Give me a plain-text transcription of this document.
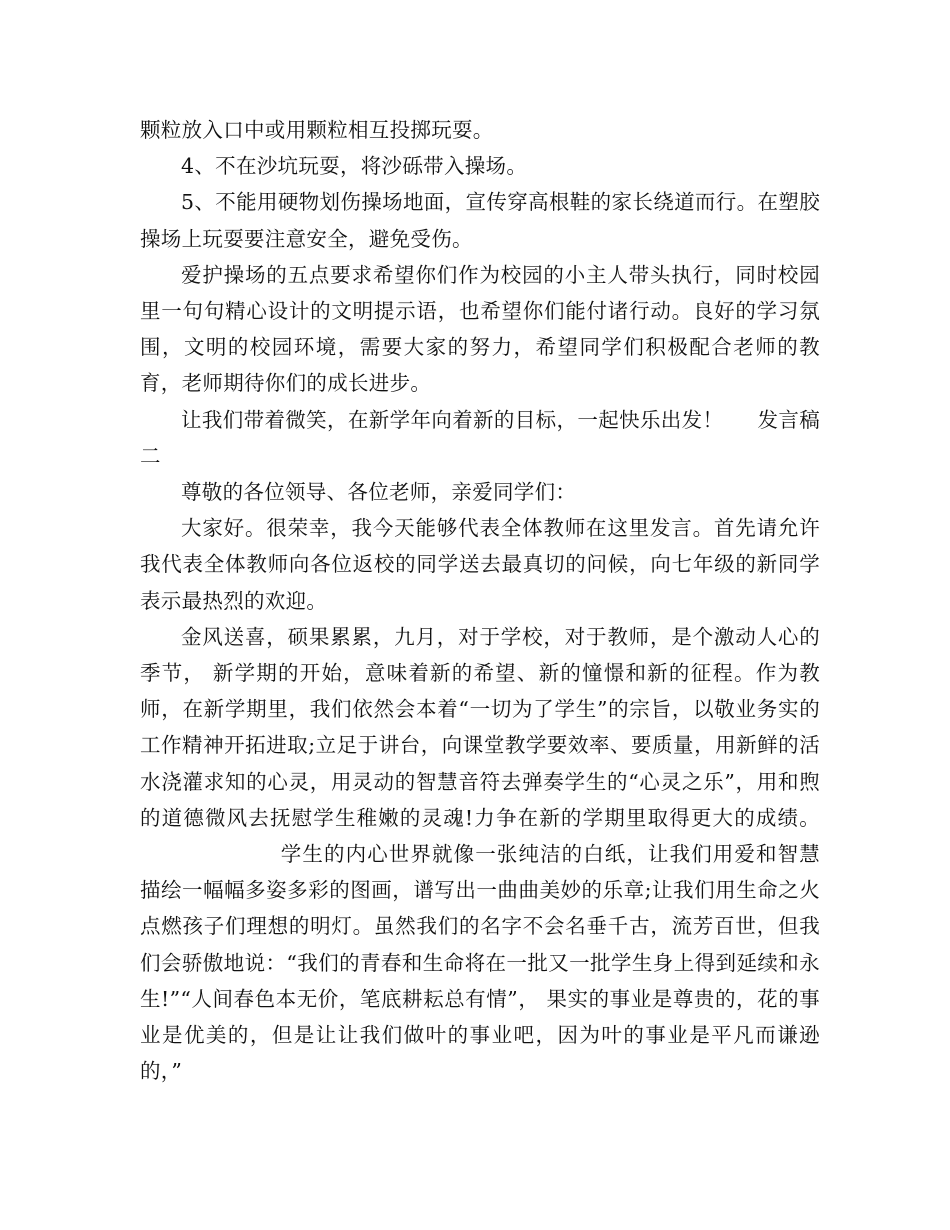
颗粒放入口中或用颗粒相互投掷玩耍。

4、不在沙坑玩耍，将沙砾带入操场。

5、不能用硬物划伤操场地面，宣传穿高根鞋的家长绕道而行。在塑胶操场上玩耍要注意安全，避免受伤。

爱护操场的五点要求希望你们作为校园的小主人带头执行，同时校园里一句句精心设计的文明提示语，也希望你们能付诸行动。良好的学习氛围，文明的校园环境，需要大家的努力，希望同学们积极配合老师的教育，老师期待你们的成长进步。

让我们带着微笑，在新学年向着新的目标，一起快乐出发！ 发言稿二

尊敬的各位领导、各位老师，亲爱同学们：

大家好。很荣幸，我今天能够代表全体教师在这里发言。首先请允许我代表全体教师向各位返校的同学送去最真切的问候，向七年级的新同学表示最热烈的欢迎。

金风送喜，硕果累累，九月，对于学校，对于教师，是个激动人心的季节， 新学期的开始，意味着新的希望、新的憧憬和新的征程。作为教师，在新学期里，我们依然会本着“一切为了学生”的宗旨，以敬业务实的工作精神开拓进取;立足于讲台，向课堂教学要效率、要质量，用新鲜的活水浇灌求知的心灵，用灵动的智慧音符去弹奏学生的“心灵之乐”，用和煦的道德微风去抚慰学生稚嫩的灵魂!力争在新的学期里取得更大的成绩。学生的内心世界就像一张纯洁的白纸，让我们用爱和智慧描绘一幅幅多姿多彩的图画，谱写出一曲曲美妙的乐章;让我们用生命之火点燃孩子们理想的明灯。虽然我们的名字不会名垂千古，流芳百世，但我们会骄傲地说：“我们的青春和生命将在一批又一批学生身上得到延续和永生!”“人间春色本无价，笔底耕耘总有情”， 果实的事业是尊贵的，花的事业是优美的，但是让让我们做叶的事业吧，因为叶的事业是平凡而谦逊的，”
